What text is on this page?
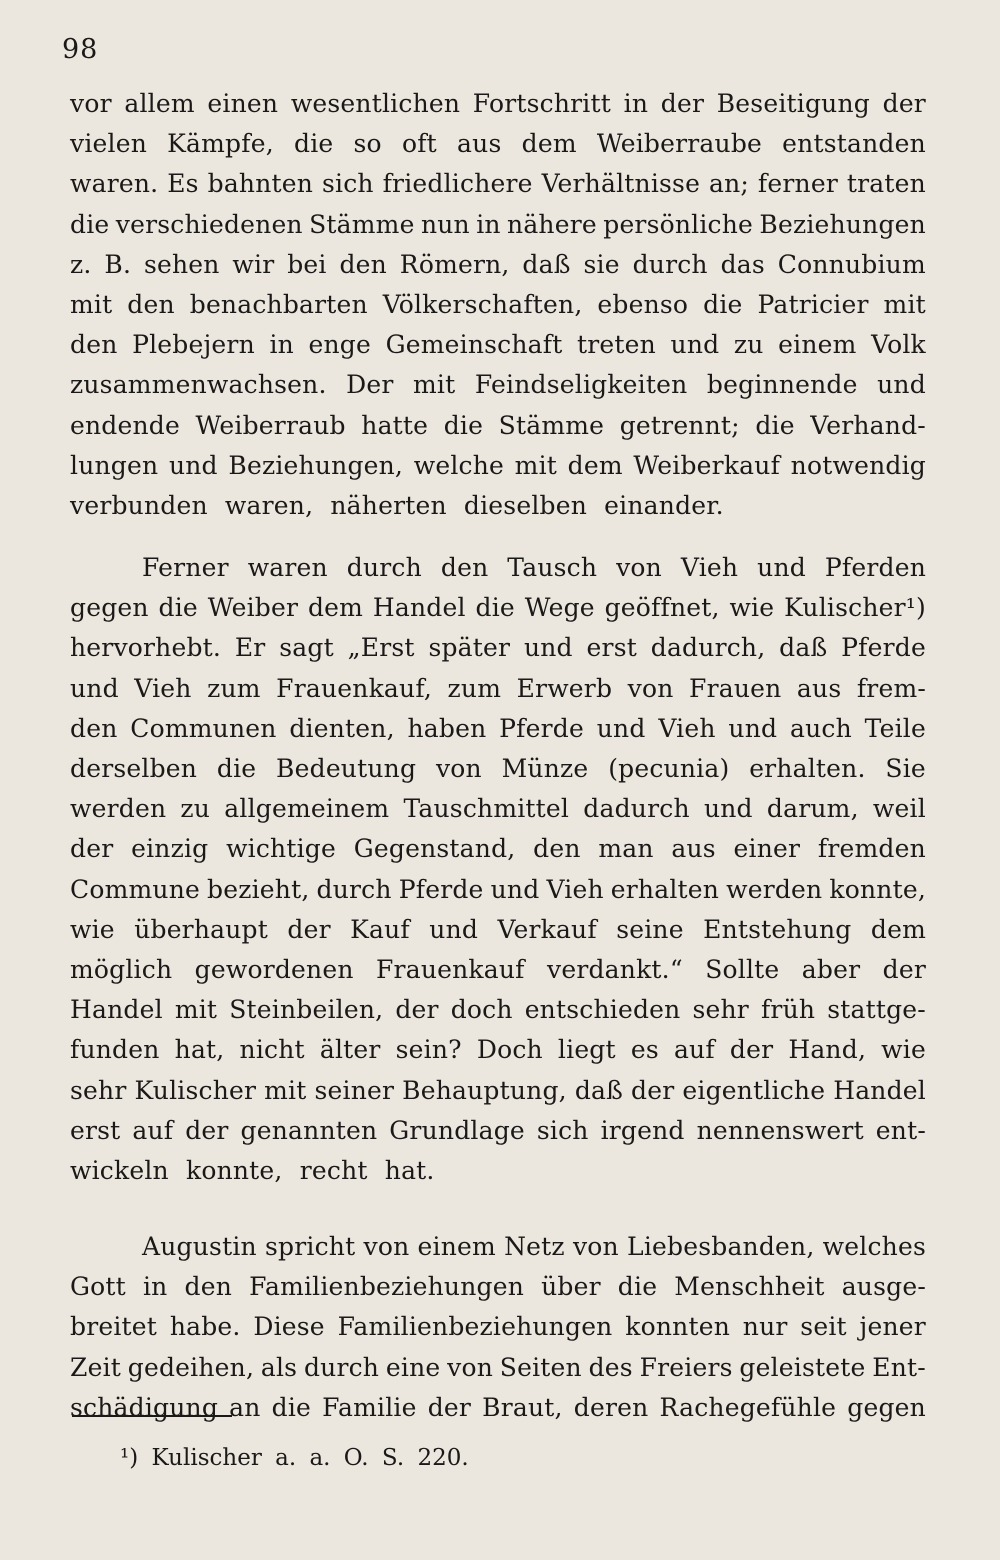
98
vor allem einen wesentlichen Fortschritt in der Beseitigung der
vielen Kämpfe, die so oft aus dem Weiberraube entstanden
waren. Es bahnten sich friedlichere Verhältnisse an; ferner traten
die verschiedenen Stämme nun in nähere persönliche Beziehungen
z. B. sehen wir bei den Römern, daß sie durch das Connubium
mit den benachbarten Völkerschaften, ebenso die Patricier mit
den Plebejern in enge Gemeinschaft treten und zu einem Volk
zusammenwachsen. Der mit Feindseligkeiten beginnende und
endende Weiberraub hatte die Stämme getrennt; die Verhand-
lungen und Beziehungen, welche mit dem Weiberkauf notwendig
verbunden waren, näherten dieselben einander.
Ferner waren durch den Tausch von Vieh und Pferden
gegen die Weiber dem Handel die Wege geöffnet, wie Kulischer¹)
hervorhebt. Er sagt „Erst später und erst dadurch, daß Pferde
und Vieh zum Frauenkauf, zum Erwerb von Frauen aus frem-
den Communen dienten, haben Pferde und Vieh und auch Teile
derselben die Bedeutung von Münze (pecunia) erhalten. Sie
werden zu allgemeinem Tauschmittel dadurch und darum, weil
der einzig wichtige Gegenstand, den man aus einer fremden
Commune bezieht, durch Pferde und Vieh erhalten werden konnte,
wie überhaupt der Kauf und Verkauf seine Entstehung dem
möglich gewordenen Frauenkauf verdankt.“ Sollte aber der
Handel mit Steinbeilen, der doch entschieden sehr früh stattge-
funden hat, nicht älter sein? Doch liegt es auf der Hand, wie
sehr Kulischer mit seiner Behauptung, daß der eigentliche Handel
erst auf der genannten Grundlage sich irgend nennenswert ent-
wickeln konnte, recht hat.
Augustin spricht von einem Netz von Liebesbanden, welches
Gott in den Familienbeziehungen über die Menschheit ausge-
breitet habe. Diese Familienbeziehungen konnten nur seit jener
Zeit gedeihen, als durch eine von Seiten des Freiers geleistete Ent-
schädigung an die Familie der Braut, deren Rachegefühle gegen
¹) Kulischer a. a. O. S. 220.
